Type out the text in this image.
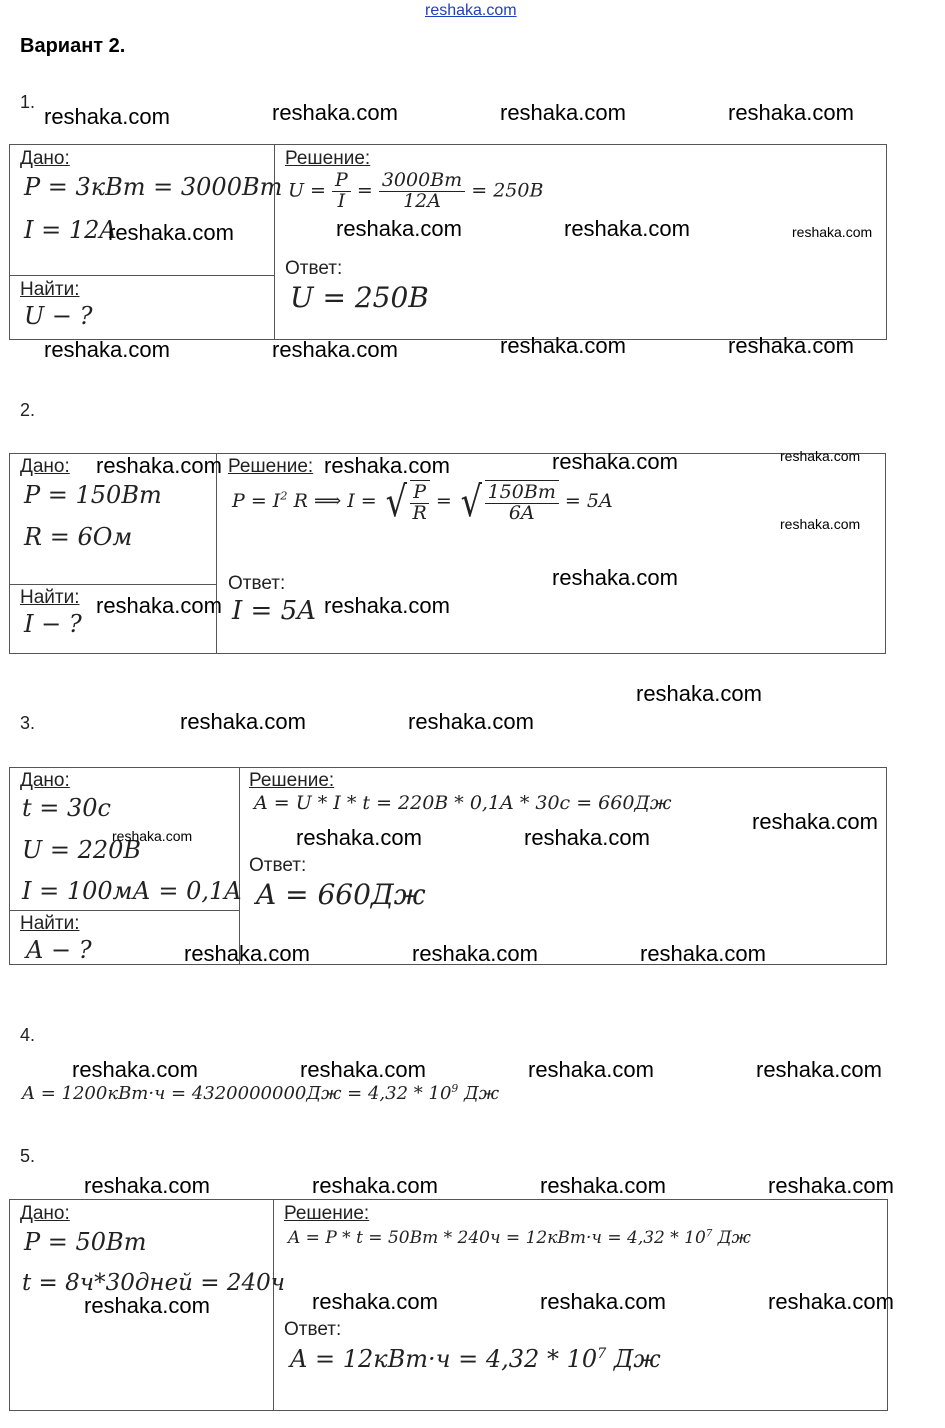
reshaka.com
Вариант 2.
1.
reshaka.com	reshaka.com	reshaka.com	reshaka.com
Дано:
P = 3кВт = 3000Вт
I = 12A
reshaka.com
Найти:
U − ?
Решение:
$U = \frac{P}{I} = \frac{3000Вт}{12A} = 250B$
reshaka.com	reshaka.com	reshaka.com
Ответ:
U = 250B
reshaka.com	reshaka.com	reshaka.com	reshaka.com
2.
Дано: reshaka.com
P = 150Вт
R = 6Ом
Найти: reshaka.com
I − ?
Решение: reshaka.com	reshaka.com	reshaka.com
$P = I^2$ R ⟹ I = √ $\frac{P}{R}$ = √ $\frac{150Вт}{6A} = 5A$
reshaka.com
reshaka.com
Ответ:
I = 5A reshaka.com
reshaka.com
3.	reshaka.com	reshaka.com
Дано:
t = 30c
U = 220B
reshaka.com
I = 100мА = 0,1A
Найти:
A − ?
Решение:
A = U * I * t = 220B * 0,1A * 30c = 660Дж
reshaka.com
reshaka.com	reshaka.com
Ответ:
A = 660Дж
reshaka.com	reshaka.com	reshaka.com
4.
reshaka.com	reshaka.com	reshaka.com	reshaka.com
$A = 1200кВт\cdot ч = 4320000000Дж = 4,32 * 10^9$ Дж
5.
reshaka.com	reshaka.com	reshaka.com	reshaka.com
Дано:
P = 50Вт
t = 8ч*30дней = 240ч
reshaka.com
Решение:
$A = P * t = 50Вт * 240ч = 12кВт\cdot ч = 4,32 * 10^7$ Дж
reshaka.com	reshaka.com	reshaka.com
Ответ:
$A = 12кВт\cdot ч = 4,32 * 10^7$ Дж
